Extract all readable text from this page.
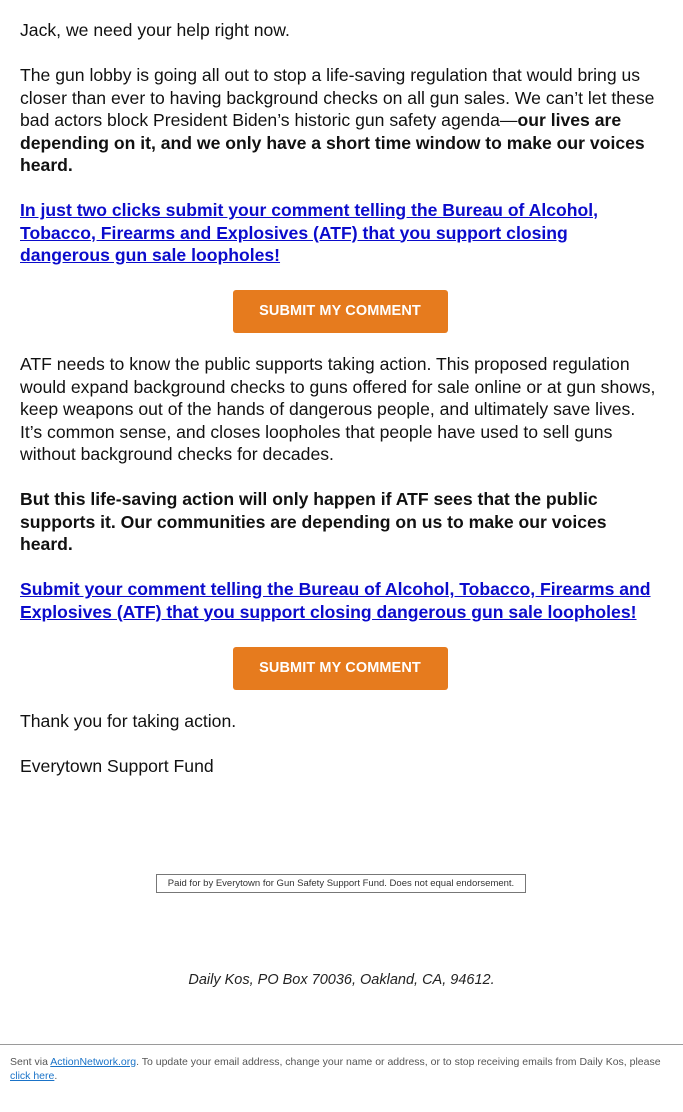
Jack, we need your help right now.

The gun lobby is going all out to stop a life-saving regulation that would bring us closer than ever to having background checks on all gun sales. We can’t let these bad actors block President Biden’s historic gun safety agenda—our lives are depending on it, and we only have a short time window to make our voices heard.

In just two clicks submit your comment telling the Bureau of Alcohol, Tobacco, Firearms and Explosives (ATF) that you support closing dangerous gun sale loopholes!

SUBMIT MY COMMENT

ATF needs to know the public supports taking action. This proposed regulation would expand background checks to guns offered for sale online or at gun shows, keep weapons out of the hands of dangerous people, and ultimately save lives. It’s common sense, and closes loopholes that people have used to sell guns without background checks for decades.

But this life-saving action will only happen if ATF sees that the public supports it. Our communities are depending on us to make our voices heard.

Submit your comment telling the Bureau of Alcohol, Tobacco, Firearms and Explosives (ATF) that you support closing dangerous gun sale loopholes!

SUBMIT MY COMMENT

Thank you for taking action.

Everytown Support Fund

Paid for by Everytown for Gun Safety Support Fund. Does not equal endorsement.
Daily Kos, PO Box 70036, Oakland, CA, 94612.
Sent via ActionNetwork.org. To update your email address, change your name or address, or to stop receiving emails from Daily Kos, please click here.
